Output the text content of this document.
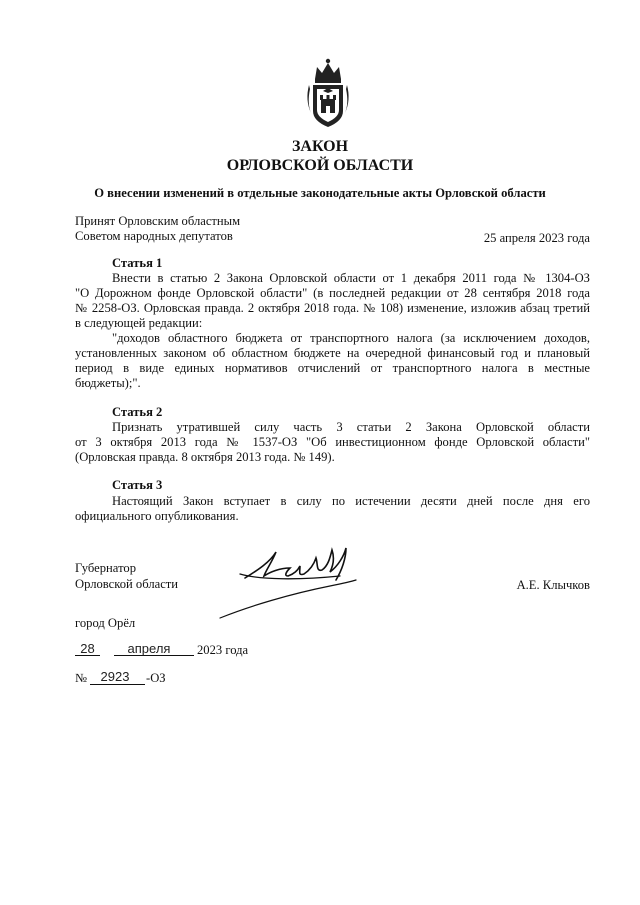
ЗАКОН
ОРЛОВСКОЙ ОБЛАСТИ
О внесении изменений в отдельные законодательные акты Орловской области
Принят Орловским областным
Советом народных депутатов	25 апреля 2023 года
Статья 1
Внести в статью 2 Закона Орловской области от 1 декабря 2011 года № 1304-ОЗ
"О Дорожном фонде Орловской области" (в последней редакции от 28 сентября 2018 года
№ 2258-ОЗ. Орловская правда. 2 октября 2018 года. № 108) изменение, изложив абзац третий
в следующей редакции:
"доходов областного бюджета от транспортного налога (за исключением доходов,
установленных законом об областном бюджете на очередной финансовый год и плановый
период в виде единых нормативов отчислений от транспортного налога в местные
бюджеты);".
Статья 2
Признать утратившей силу часть 3 статьи 2 Закона Орловской области
от 3 октября 2013 года № 1537-ОЗ "Об инвестиционном фонде Орловской области"
(Орловская правда. 8 октября 2013 года. № 149).
Статья 3
Настоящий Закон вступает в силу по истечении десяти дней после дня его
официального опубликования.
Губернатор
Орловской области	А.Е. Клычков
город Орёл
28	апреля	2023 года
№	2923	-ОЗ
